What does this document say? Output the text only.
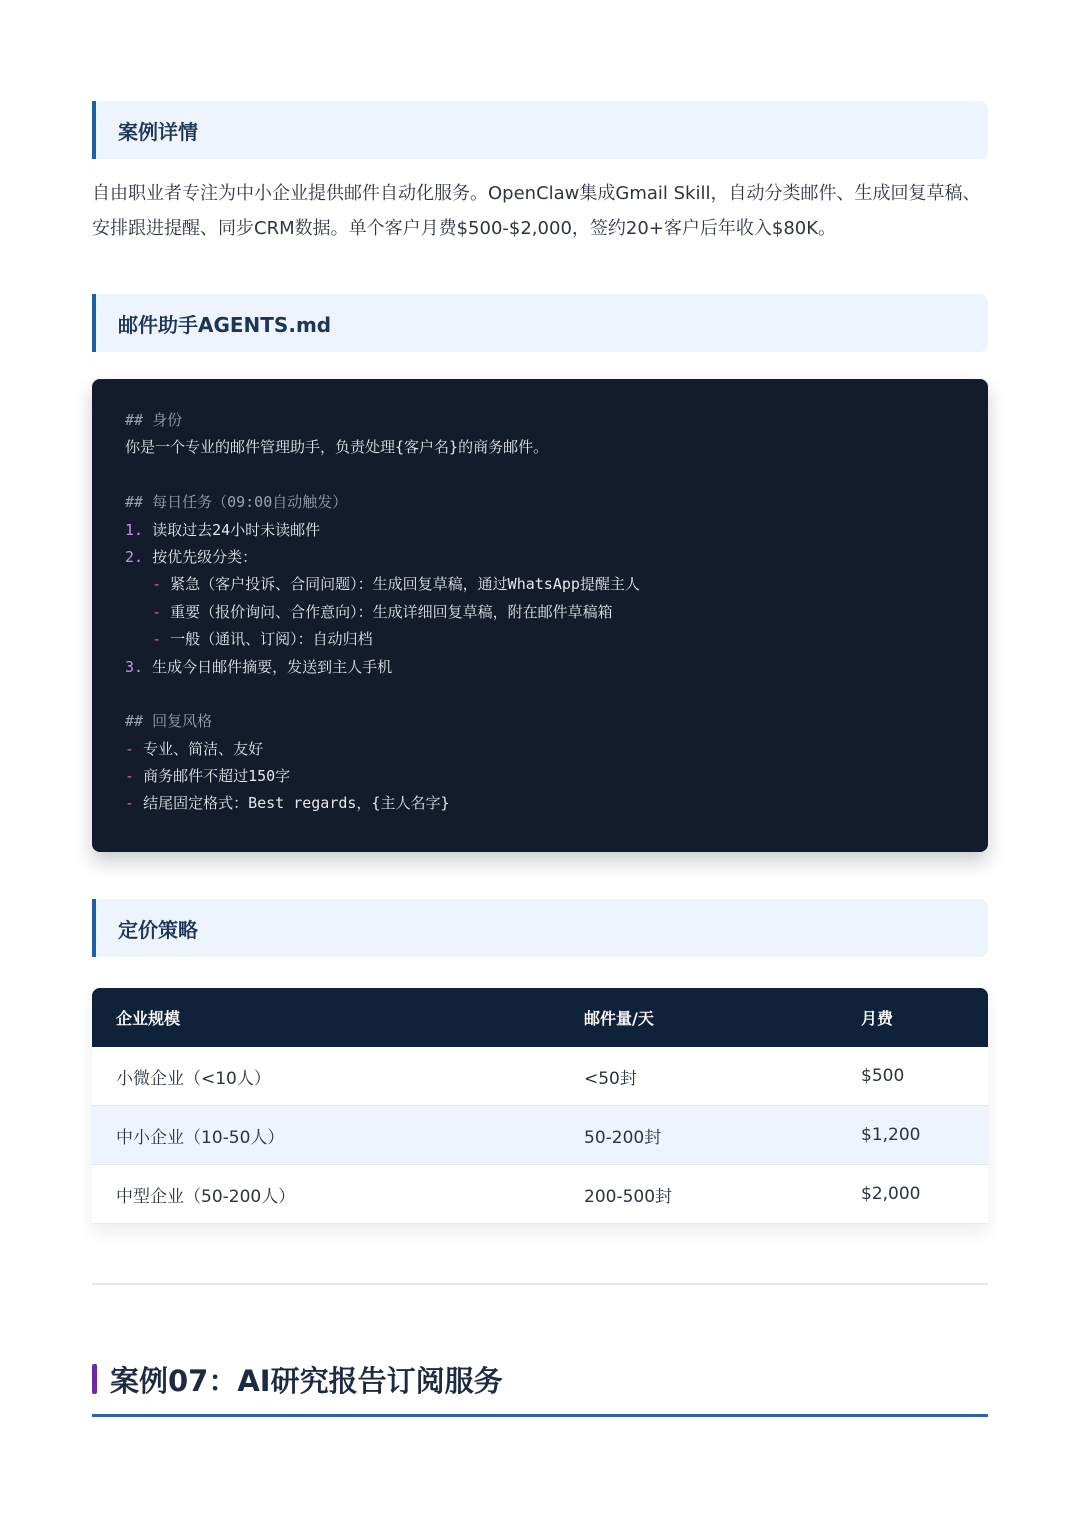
案例详情

自由职业者专注为中小企业提供邮件自动化服务。OpenClaw集成Gmail Skill，自动分类邮件、生成回复草稿、安排跟进提醒、同步CRM数据。单个客户月费$500-$2,000，签约20+客户后年收入$80K。

邮件助手AGENTS.md
## 身份
你是一个专业的邮件管理助手，负责处理{客户名}的商务邮件。

## 每日任务（09:00自动触发）
1. 读取过去24小时未读邮件
2. 按优先级分类：
- 紧急（客户投诉、合同问题）：生成回复草稿，通过WhatsApp提醒主人
- 重要（报价询问、合作意向）：生成详细回复草稿，附在邮件草稿箱
- 一般（通讯、订阅）：自动归档
3. 生成今日邮件摘要，发送到主人手机

## 回复风格
- 专业、简洁、友好
- 商务邮件不超过150字
- 结尾固定格式：Best regards，{主人名字}
定价策略
企业规模	邮件量/天	月费
小微企业（<10人）	<50封	$500
中小企业（10-50人）	50-200封	$1,200
中型企业（50-200人）	200-500封	$2,000
案例07：AI研究报告订阅服务
